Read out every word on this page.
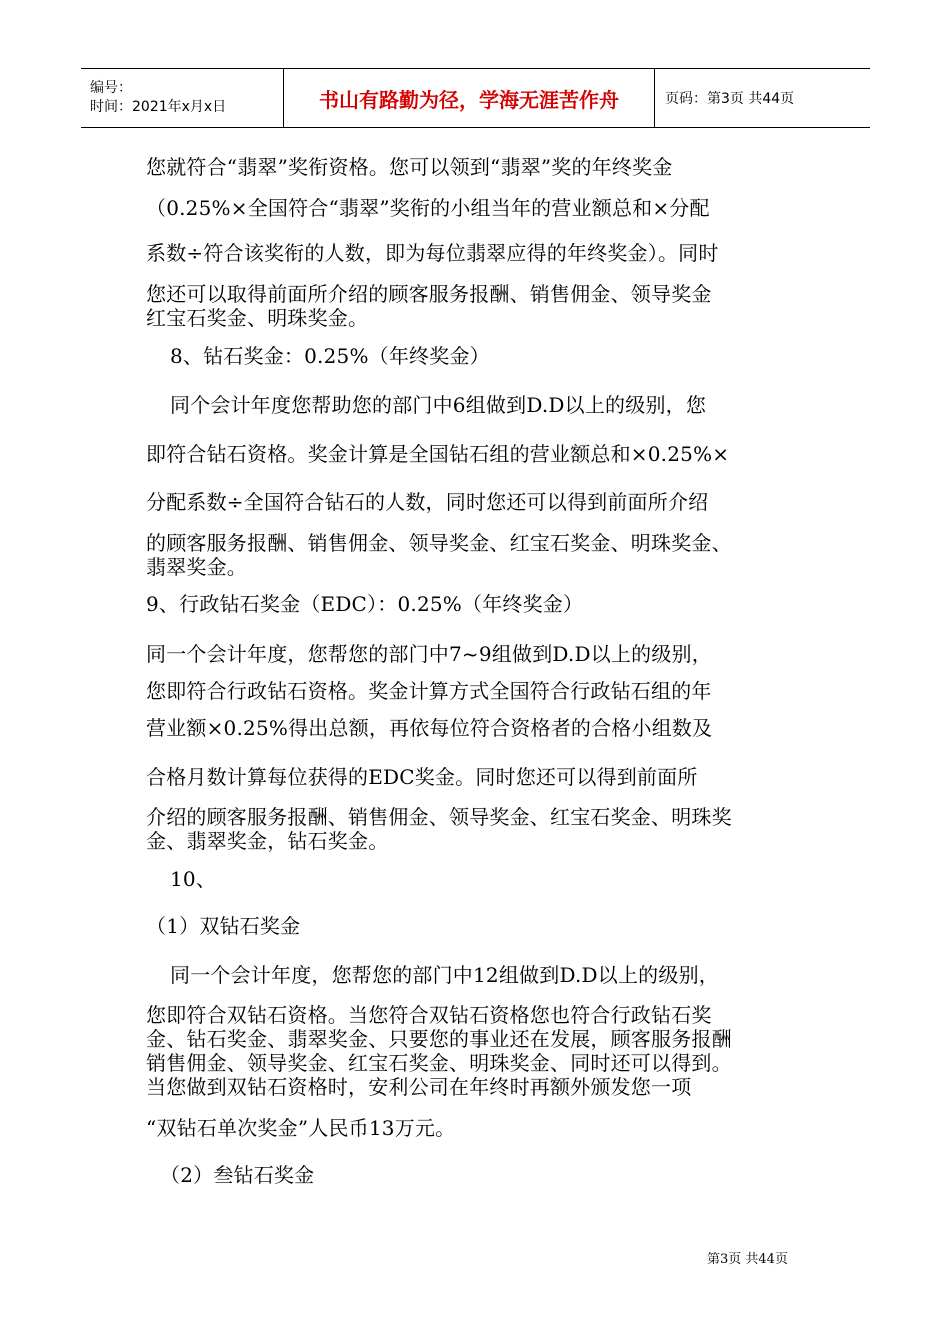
编号：
时间：2021年x月x日	书山有路勤为径，学海无涯苦作舟	页码：第3页 共44页
您就符合“翡翠”奖衔资格。您可以领到“翡翠”奖的年终奖金
（0.25%×全国符合“翡翠”奖衔的小组当年的营业额总和×分配
系数÷符合该奖衔的人数，即为每位翡翠应得的年终奖金）。同时
您还可以取得前面所介绍的顾客服务报酬、销售佣金、领导奖金
红宝石奖金、明珠奖金。
8、钻石奖金：0.25%（年终奖金）
同个会计年度您帮助您的部门中6组做到D.D以上的级别，您
即符合钻石资格。奖金计算是全国钻石组的营业额总和×0.25%×
分配系数÷全国符合钻石的人数，同时您还可以得到前面所介绍
的顾客服务报酬、销售佣金、领导奖金、红宝石奖金、明珠奖金、
翡翠奖金。
9、行政钻石奖金（EDC）：0.25%（年终奖金）
同一个会计年度，您帮您的部门中7~9组做到D.D以上的级别，
您即符合行政钻石资格。奖金计算方式全国符合行政钻石组的年
营业额×0.25%得出总额，再依每位符合资格者的合格小组数及
合格月数计算每位获得的EDC奖金。同时您还可以得到前面所
介绍的顾客服务报酬、销售佣金、领导奖金、红宝石奖金、明珠奖
金、翡翠奖金，钻石奖金。
10、
（1）双钻石奖金
同一个会计年度，您帮您的部门中12组做到D.D以上的级别，
您即符合双钻石资格。当您符合双钻石资格您也符合行政钻石奖
金、钻石奖金、翡翠奖金、只要您的事业还在发展，顾客服务报酬
销售佣金、领导奖金、红宝石奖金、明珠奖金、同时还可以得到。
当您做到双钻石资格时，安利公司在年终时再额外颁发您一项
“双钻石单次奖金”人民币13万元。
（2）叁钻石奖金
第3页 共44页
